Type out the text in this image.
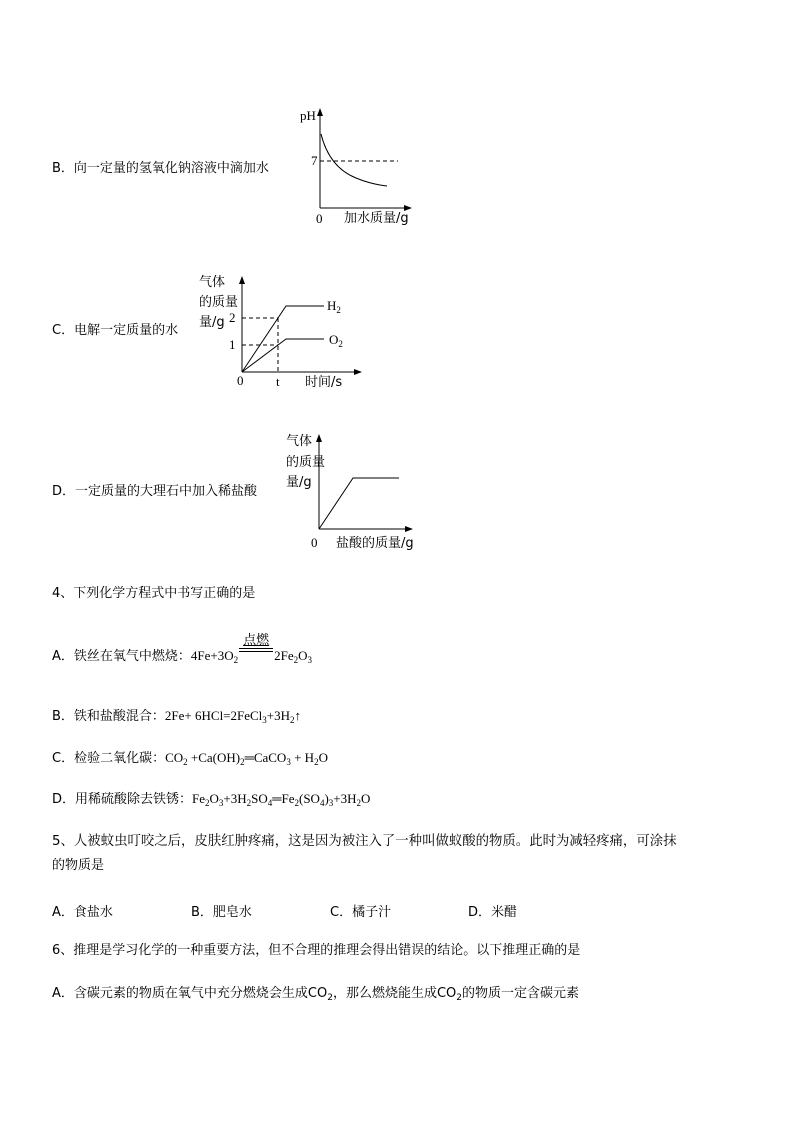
B．向一定量的氢氧化钠溶液中滴加水
pH
7
0 加水质量/g
C．电解一定质量的水
气体
的质量
量/g 2
1
0	t 时间/s
$H_2$
$O_2$
D．一定质量的大理石中加入稀盐酸
气体
的质量
量/g
0 盐酸的质量/g
4、下列化学方程式中书写正确的是
A．铁丝在氧气中燃烧：$4Fe+3O_2$
点燃
$2Fe_2O_3$
B．铁和盐酸混合：$2Fe+ 6HCl=2FeCl_3+3H_2↑$
C．检验二氧化碳：$CO_2$ $+Ca(OH)_2═CaCO_3 + H_2O$
D．用稀硫酸除去铁锈：$Fe_2O_3+3H_2SO_4═Fe_2(SO_4)_3+3H_2O$
5、人被蚊虫叮咬之后，皮肤红肿疼痛，这是因为被注入了一种叫做蚁酸的物质。此时为减轻疼痛，可涂抹
的物质是
A．食盐水	B．肥皂水	C．橘子汁	D．米醋
6、推理是学习化学的一种重要方法，但不合理的推理会得出错误的结论。以下推理正确的是
A．含碳元素的物质在氧气中充分燃烧会生成$CO_2$，那么燃烧能生成$CO_2$的物质一定含碳元素
